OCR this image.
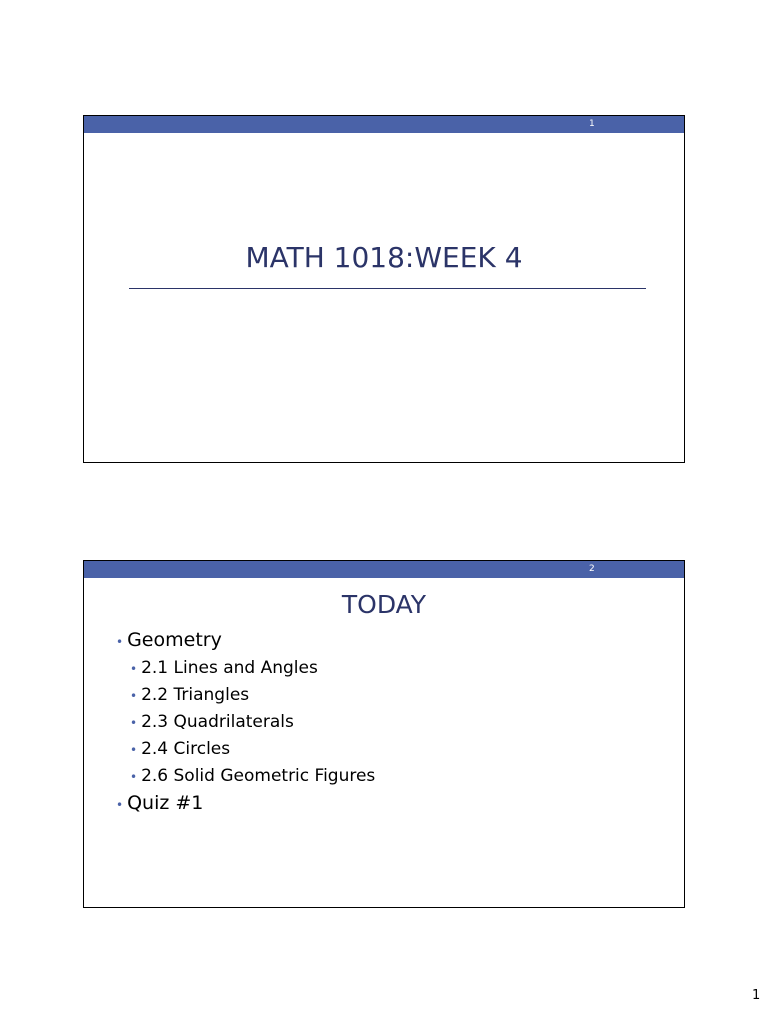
1
MATH 1018:WEEK 4
2
TODAY
• Geometry
• 2.1 Lines and Angles
• 2.2 Triangles
• 2.3 Quadrilaterals
• 2.4 Circles
• 2.6 Solid Geometric Figures
• Quiz #1
1
